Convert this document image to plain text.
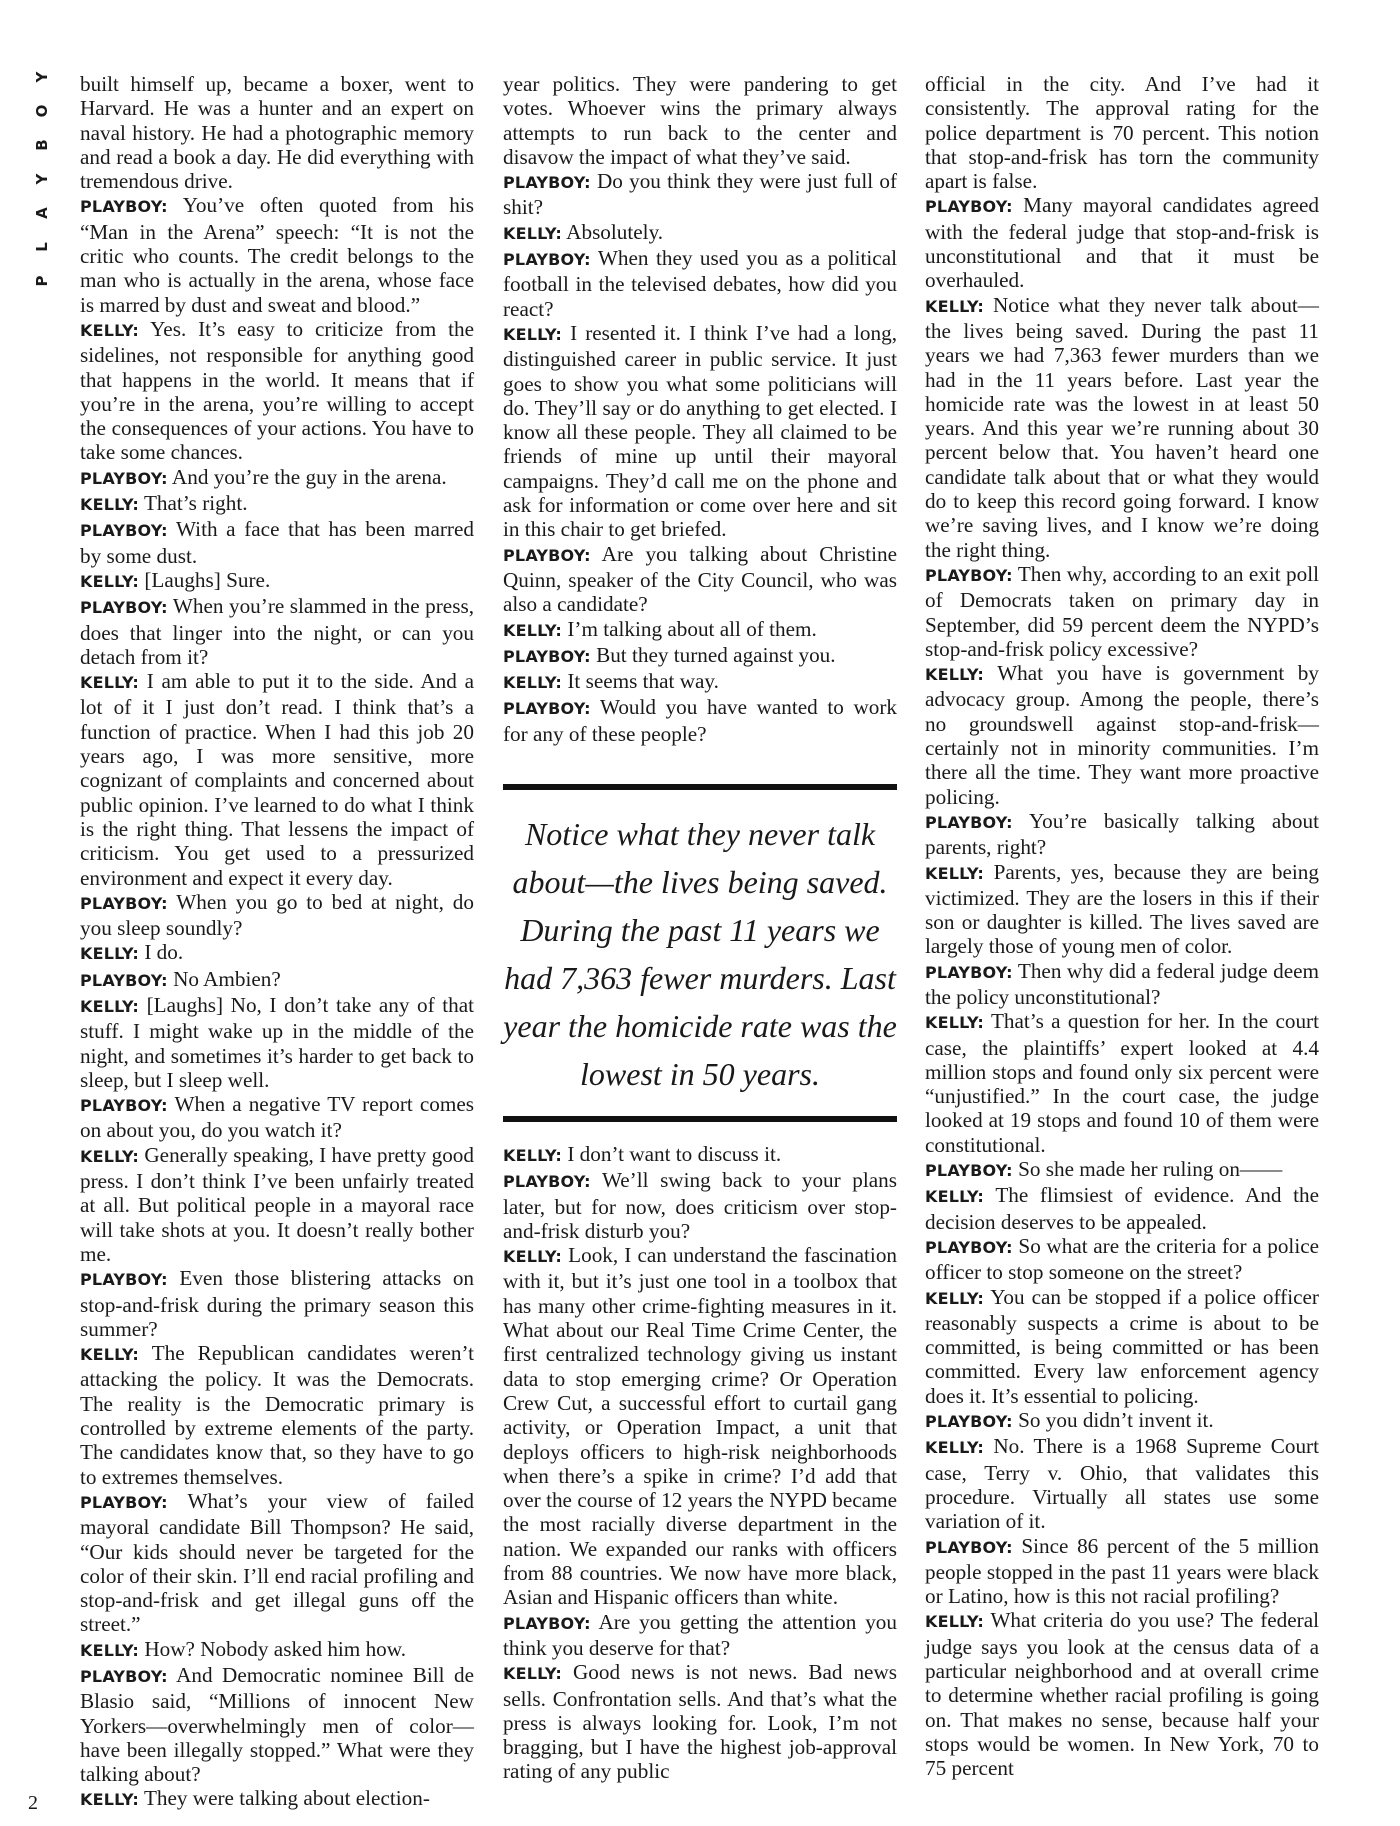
Y
O
B
Y
A
L
P
2

built himself up, became a boxer, went to Harvard. He was a hunter and an expert on naval history. He had a photographic memory and read a book a day. He did everything with tremendous drive.

PLAYBOY: You’ve often quoted from his “Man in the Arena” speech: “It is not the critic who counts. The credit belongs to the man who is actually in the arena, whose face is marred by dust and sweat and blood.”

KELLY: Yes. It’s easy to criticize from the sidelines, not responsible for anything good that happens in the world. It means that if you’re in the arena, you’re willing to accept the consequences of your actions. You have to take some chances.

PLAYBOY: And you’re the guy in the arena.

KELLY: That’s right.

PLAYBOY: With a face that has been marred by some dust.

KELLY: [Laughs] Sure.

PLAYBOY: When you’re slammed in the press, does that linger into the night, or can you detach from it?

KELLY: I am able to put it to the side. And a lot of it I just don’t read. I think that’s a function of practice. When I had this job 20 years ago, I was more sensitive, more cognizant of complaints and concerned about public opinion. I’ve learned to do what I think is the right thing. That lessens the impact of criticism. You get used to a pressurized environment and expect it every day.

PLAYBOY: When you go to bed at night, do you sleep soundly?

KELLY: I do.

PLAYBOY: No Ambien?

KELLY: [Laughs] No, I don’t take any of that stuff. I might wake up in the middle of the night, and sometimes it’s harder to get back to sleep, but I sleep well.

PLAYBOY: When a negative TV report comes on about you, do you watch it?

KELLY: Generally speaking, I have pretty good press. I don’t think I’ve been unfairly treated at all. But political people in a mayoral race will take shots at you. It doesn’t really bother me.

PLAYBOY: Even those blistering attacks on stop-and-frisk during the primary season this summer?

KELLY: The Republican candidates weren’t attacking the policy. It was the Democrats. The reality is the Democratic primary is controlled by extreme elements of the party. The candidates know that, so they have to go to extremes themselves.

PLAYBOY: What’s your view of failed mayoral candidate Bill Thompson? He said, “Our kids should never be targeted for the color of their skin. I’ll end racial profiling and stop-and-frisk and get illegal guns off the street.”

KELLY: How? Nobody asked him how.

PLAYBOY: And Democratic nominee Bill de Blasio said, “Millions of innocent New Yorkers—overwhelmingly men of color—have been illegally stopped.” What were they talking about?

KELLY: They were talking about election-

year politics. They were pandering to get votes. Whoever wins the primary always attempts to run back to the center and disavow the impact of what they’ve said.

PLAYBOY: Do you think they were just full of shit?

KELLY: Absolutely.

PLAYBOY: When they used you as a political football in the televised debates, how did you react?

KELLY: I resented it. I think I’ve had a long, distinguished career in public service. It just goes to show you what some politicians will do. They’ll say or do anything to get elected. I know all these people. They all claimed to be friends of mine up until their mayoral campaigns. They’d call me on the phone and ask for information or come over here and sit in this chair to get briefed.

PLAYBOY: Are you talking about Christine Quinn, speaker of the City Council, who was also a candidate?

KELLY: I’m talking about all of them.

PLAYBOY: But they turned against you.

KELLY: It seems that way.

PLAYBOY: Would you have wanted to work for any of these people?

Notice what they never talk about—the lives being saved. During the past 11 years we had 7,363 fewer murders. Last year the homicide rate was the lowest in 50 years.

KELLY: I don’t want to discuss it.

PLAYBOY: We’ll swing back to your plans later, but for now, does criticism over stop-and-frisk disturb you?

KELLY: Look, I can understand the fascination with it, but it’s just one tool in a toolbox that has many other crime-fighting measures in it. What about our Real Time Crime Center, the first centralized technology giving us instant data to stop emerging crime? Or Operation Crew Cut, a successful effort to curtail gang activity, or Operation Impact, a unit that deploys officers to high-risk neighborhoods when there’s a spike in crime? I’d add that over the course of 12 years the NYPD became the most racially diverse department in the nation. We expanded our ranks with officers from 88 countries. We now have more black, Asian and Hispanic officers than white.

PLAYBOY: Are you getting the attention you think you deserve for that?

KELLY: Good news is not news. Bad news sells. Confrontation sells. And that’s what the press is always looking for. Look, I’m not bragging, but I have the highest job-approval rating of any public

official in the city. And I’ve had it consistently. The approval rating for the police department is 70 percent. This notion that stop-and-frisk has torn the community apart is false.

PLAYBOY: Many mayoral candidates agreed with the federal judge that stop-and-frisk is unconstitutional and that it must be overhauled.

KELLY: Notice what they never talk about—the lives being saved. During the past 11 years we had 7,363 fewer murders than we had in the 11 years before. Last year the homicide rate was the lowest in at least 50 years. And this year we’re running about 30 percent below that. You haven’t heard one candidate talk about that or what they would do to keep this record going forward. I know we’re saving lives, and I know we’re doing the right thing.

PLAYBOY: Then why, according to an exit poll of Democrats taken on primary day in September, did 59 percent deem the NYPD’s stop-and-frisk policy excessive?

KELLY: What you have is government by advocacy group. Among the people, there’s no groundswell against stop-and-frisk—certainly not in minority communities. I’m there all the time. They want more proactive policing.

PLAYBOY: You’re basically talking about parents, right?

KELLY: Parents, yes, because they are being victimized. They are the losers in this if their son or daughter is killed. The lives saved are largely those of young men of color.

PLAYBOY: Then why did a federal judge deem the policy unconstitutional?

KELLY: That’s a question for her. In the court case, the plaintiffs’ expert looked at 4.4 million stops and found only six percent were “unjustified.” In the court case, the judge looked at 19 stops and found 10 of them were constitutional.

PLAYBOY: So she made her ruling on——

KELLY: The flimsiest of evidence. And the decision deserves to be appealed.

PLAYBOY: So what are the criteria for a police officer to stop someone on the street?

KELLY: You can be stopped if a police officer reasonably suspects a crime is about to be committed, is being committed or has been committed. Every law enforcement agency does it. It’s essential to policing.

PLAYBOY: So you didn’t invent it.

KELLY: No. There is a 1968 Supreme Court case, Terry v. Ohio, that validates this procedure. Virtually all states use some variation of it.

PLAYBOY: Since 86 percent of the 5 million people stopped in the past 11 years were black or Latino, how is this not racial profiling?

KELLY: What criteria do you use? The federal judge says you look at the census data of a particular neighborhood and at overall crime to determine whether racial profiling is going on. That makes no sense, because half your stops would be women. In New York, 70 to 75 percent
